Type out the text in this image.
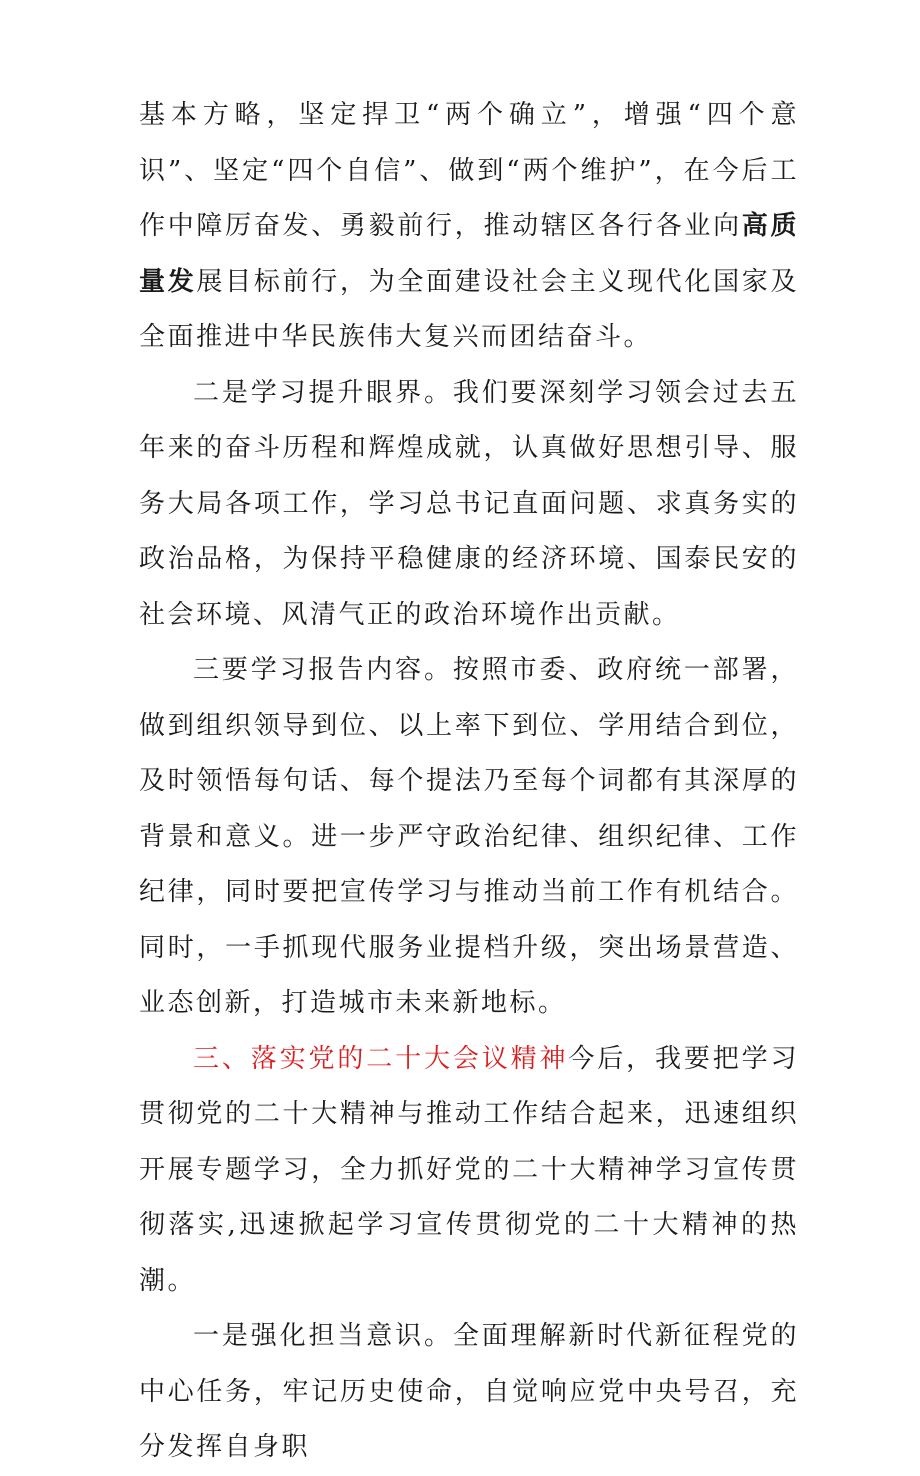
基本方略，坚定捍卫“两个确立”，增强“四个意识”、坚定“四个自信”、做到“两个维护”，在今后工作中障厉奋发、勇毅前行，推动辖区各行各业向高质量发展目标前行，为全面建设社会主义现代化国家及全面推进中华民族伟大复兴而团结奋斗。

二是学习提升眼界。我们要深刻学习领会过去五年来的奋斗历程和辉煌成就，认真做好思想引导、服务大局各项工作，学习总书记直面问题、求真务实的政治品格，为保持平稳健康的经济环境、国泰民安的社会环境、风清气正的政治环境作出贡献。

三要学习报告内容。按照市委、政府统一部署，做到组织领导到位、以上率下到位、学用结合到位，及时领悟每句话、每个提法乃至每个词都有其深厚的背景和意义。进一步严守政治纪律、组织纪律、工作纪律，同时要把宣传学习与推动当前工作有机结合。同时，一手抓现代服务业提档升级，突出场景营造、业态创新，打造城市未来新地标。

三、落实党的二十大会议精神今后，我要把学习贯彻党的二十大精神与推动工作结合起来，迅速组织开展专题学习，全力抓好党的二十大精神学习宣传贯彻落实,迅速掀起学习宣传贯彻党的二十大精神的热潮。

一是强化担当意识。全面理解新时代新征程党的中心任务，牢记历史使命，自觉响应党中央号召，充分发挥自身职
